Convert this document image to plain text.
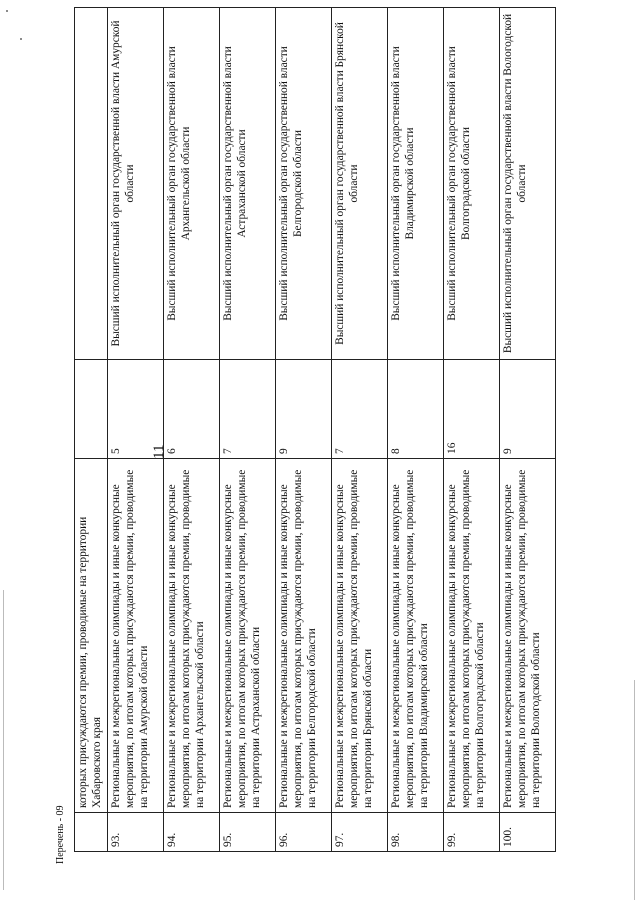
Перечень - 09
11
	которых присуждаются премии, проводимые на территории Хабаровского края		
93.	Региональные и межрегиональные олимпиады и иные конкурсные мероприятия, по итогам которых присуждаются премии, проводимые на территории Амурской области	5	Высший исполнительный орган государственной власти Амурской области
94.	Региональные и межрегиональные олимпиады и иные конкурсные мероприятия, по итогам которых присуждаются премии, проводимые на территории Архангельской области	6	Высший исполнительный орган государственной власти Архангельской области
95.	Региональные и межрегиональные олимпиады и иные конкурсные мероприятия, по итогам которых присуждаются премии, проводимые на территории Астраханской области	7	Высший исполнительный орган государственной власти Астраханской области
96.	Региональные и межрегиональные олимпиады и иные конкурсные мероприятия, по итогам которых присуждаются премии, проводимые на территории Белгородской области	9	Высший исполнительный орган государственной власти Белгородской области
97.	Региональные и межрегиональные олимпиады и иные конкурсные мероприятия, по итогам которых присуждаются премии, проводимые на территории Брянской области	7	Высший исполнительный орган государственной власти Брянской области
98.	Региональные и межрегиональные олимпиады и иные конкурсные мероприятия, по итогам которых присуждаются премии, проводимые на территории Владимирской области	8	Высший исполнительный орган государственной власти Владимирской области
99.	Региональные и межрегиональные олимпиады и иные конкурсные мероприятия, по итогам которых присуждаются премии, проводимые на территории Волгоградской области	16	Высший исполнительный орган государственной власти Волгоградской области
100.	Региональные и межрегиональные олимпиады и иные конкурсные мероприятия, по итогам которых присуждаются премии, проводимые на территории Вологодской области	9	Высший исполнительный орган государственной власти Вологодской области
